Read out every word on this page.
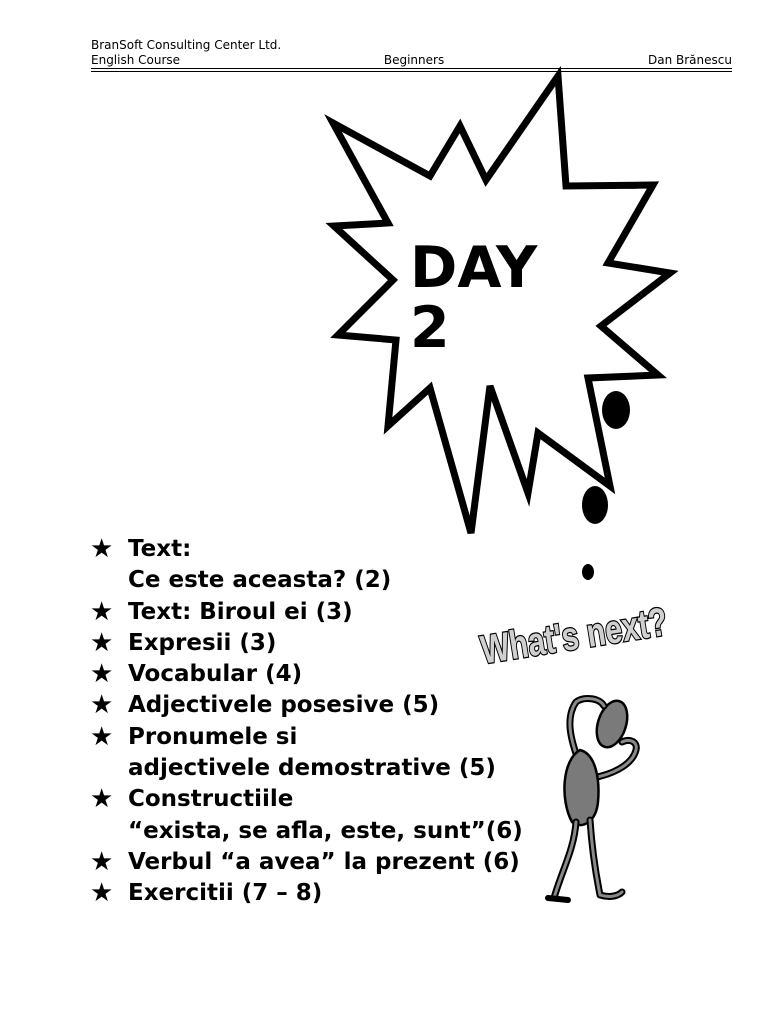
BranSoft Consulting Center Ltd.
English Course	Beginners	Dan Brănescu
DAY
2
What's next?
★ Text:
Ce este aceasta? (2)
★ Text: Biroul ei (3)
★ Expresii (3)
★ Vocabular (4)
★ Adjectivele posesive (5)
★ Pronumele si
adjectivele demostrative (5)
★ Constructiile
“exista, se afla, este, sunt”(6)
★ Verbul “a avea” la prezent (6)
★ Exercitii (7 – 8)
